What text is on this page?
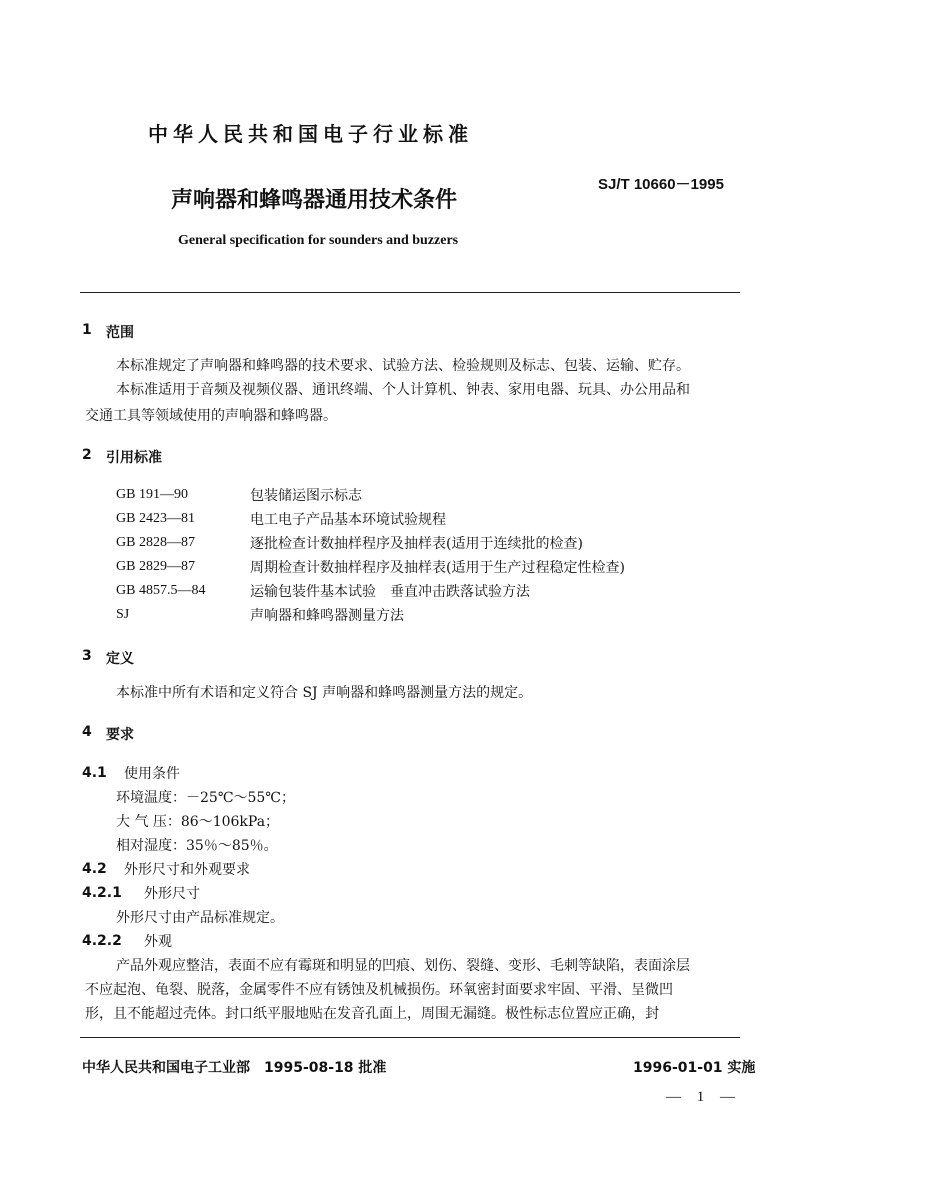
中华人民共和国电子行业标准
声响器和蜂鸣器通用技术条件
SJ/T 10660－1995
General specification for sounders and buzzers
1 范围
本标准规定了声响器和蜂鸣器的技术要求、试验方法、检验规则及标志、包装、运输、贮存。
本标准适用于音频及视频仪器、通讯终端、个人计算机、钟表、家用电器、玩具、办公用品和
交通工具等领域使用的声响器和蜂鸣器。
2 引用标准
GB 191—90	包装储运图示标志
GB 2423—81	电工电子产品基本环境试验规程
GB 2828—87	逐批检查计数抽样程序及抽样表(适用于连续批的检查)
GB 2829—87	周期检查计数抽样程序及抽样表(适用于生产过程稳定性检查)
GB 4857.5—84	运输包装件基本试验　垂直冲击跌落试验方法
SJ	声响器和蜂鸣器测量方法
3 定义
本标准中所有术语和定义符合 SJ 声响器和蜂鸣器测量方法的规定。
4 要求
4.1 使用条件
环境温度：－25℃～55℃；
大 气 压：86～106kPa；
相对湿度：35％～85％。
4.2 外形尺寸和外观要求
4.2.1 外形尺寸
外形尺寸由产品标准规定。
4.2.2 外观
产品外观应整洁，表面不应有霉斑和明显的凹痕、划伤、裂缝、变形、毛刺等缺陷，表面涂层
不应起泡、龟裂、脱落，金属零件不应有锈蚀及机械损伤。环氧密封面要求牢固、平滑、呈微凹
形，且不能超过壳体。封口纸平服地贴在发音孔面上，周围无漏缝。极性标志位置应正确，封
中华人民共和国电子工业部　1995-08-18 批准	1996-01-01 实施
— 1 —
